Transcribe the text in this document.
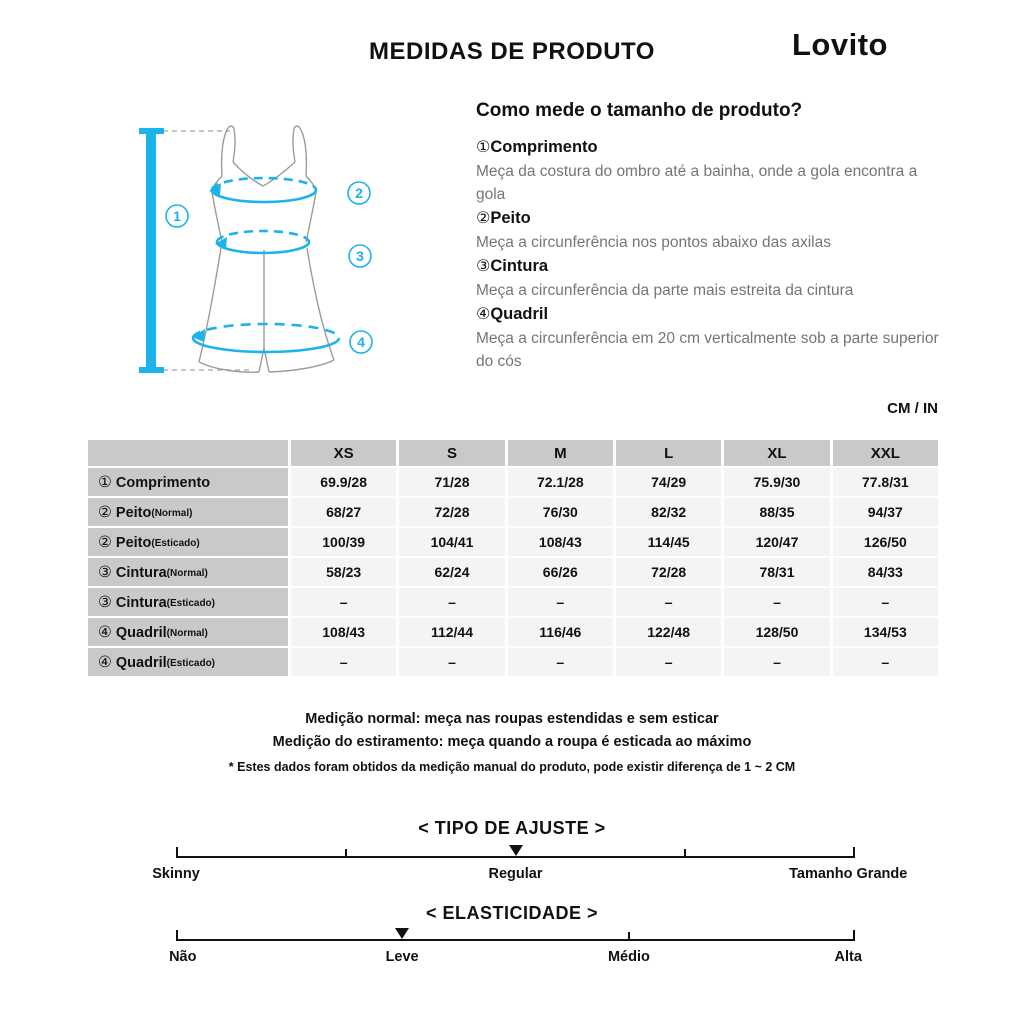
MEDIDAS DE PRODUTO	Lovito
1
2
3
4
Como mede o tamanho de produto?
①Comprimento
Meça da costura do ombro até a bainha, onde a gola encontra a gola
②Peito
Meça a circunferência nos pontos abaixo das axilas
③Cintura
Meça a circunferência da parte mais estreita da cintura
④Quadril
Meça a circunferência em 20 cm verticalmente sob a parte superior do cós
CM / IN
	XS	S	M	L	XL	XXL
① Comprimento	69.9/28	71/28	72.1/28	74/29	75.9/30	77.8/31
② Peito(Normal)	68/27	72/28	76/30	82/32	88/35	94/37
② Peito(Esticado)	100/39	104/41	108/43	114/45	120/47	126/50
③ Cintura(Normal)	58/23	62/24	66/26	72/28	78/31	84/33
③ Cintura(Esticado)	–	–	–	–	–	–
④ Quadril(Normal)	108/43	112/44	116/46	122/48	128/50	134/53
④ Quadril(Esticado)	–	–	–	–	–	–
Medição normal: meça nas roupas estendidas e sem esticar
Medição do estiramento: meça quando a roupa é esticada ao máximo
* Estes dados foram obtidos da medição manual do produto, pode existir diferença de 1 ~ 2 CM
< TIPO DE AJUSTE >
Skinny	Regular	Tamanho Grande
< ELASTICIDADE >
Não	Leve	Médio	Alta
